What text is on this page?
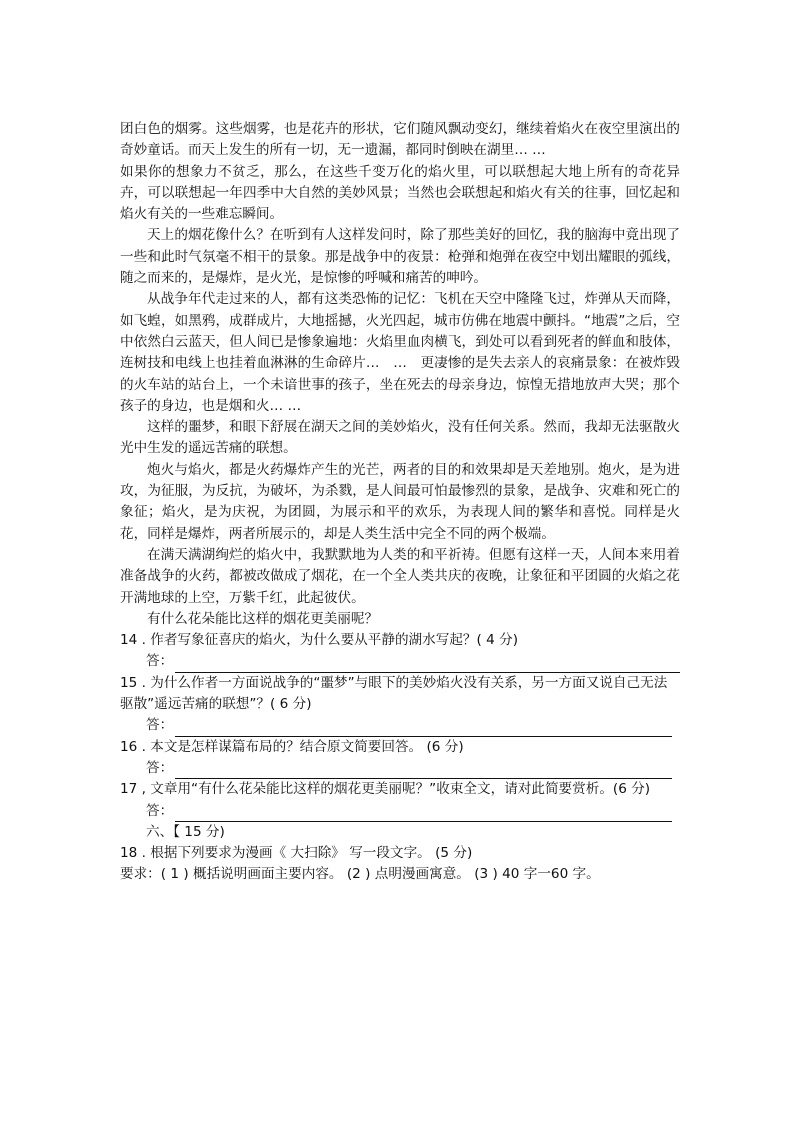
团白色的烟雾。这些烟雾，也是花卉的形状，它们随风飘动变幻，继续着焰火在夜空里演出的奇妙童话。而天上发生的所有一切，无一遗漏，都同时倒映在湖里… …

如果你的想象力不贫乏，那么，在这些千变万化的焰火里，可以联想起大地上所有的奇花异卉，可以联想起一年四季中大自然的美妙风景；当然也会联想起和焰火有关的往事，回忆起和焰火有关的一些难忘瞬间。

天上的烟花像什么？在听到有人这样发问时，除了那些美好的回忆，我的脑海中竟出现了一些和此时气氛毫不相干的景象。那是战争中的夜景：枪弹和炮弹在夜空中划出耀眼的弧线，随之而来的，是爆炸，是火光，是惊惨的呼喊和痛苦的呻吟。

从战争年代走过来的人，都有这类恐怖的记忆：飞机在天空中隆隆飞过，炸弹从天而降，如飞蝗，如黑鸦，成群成片，大地摇撼，火光四起，城市仿佛在地震中颤抖。“地震”之后，空中依然白云蓝天，但人间已是惨象遍地：火焰里血肉横飞，到处可以看到死者的鲜血和肢体，连树技和电线上也挂着血淋淋的生命碎片…　…　更凄惨的是失去亲人的哀痛景象：在被炸毁的火车站的站台上，一个未谙世事的孩子，坐在死去的母亲身边，惊惶无措地放声大哭；那个孩子的身边，也是烟和火… …

这样的噩梦，和眼下舒展在湖天之间的美妙焰火，没有任何关系。然而，我却无法驱散火光中生发的遥远苦痛的联想。

炮火与焰火，都是火药爆炸产生的光芒，两者的目的和效果却是天差地别。炮火，是为进攻，为征服，为反抗，为破坏，为杀戮，是人间最可怕最惨烈的景象，是战争、灾难和死亡的象征；焰火，是为庆祝，为团圆，为展示和平的欢乐，为表现人间的繁华和喜悦。同样是火花，同样是爆炸，两者所展示的，却是人类生活中完全不同的两个极端。

在满天满湖绚烂的焰火中，我默默地为人类的和平祈祷。但愿有这样一天，人间本来用着准备战争的火药，都被改做成了烟花，在一个全人类共庆的夜晚，让象征和平团圆的火焰之花开满地球的上空，万紫千红，此起彼伏。

有什么花朵能比这样的烟花更美丽呢？

14 . 作者写象征喜庆的焰火，为什么要从平静的湖水写起？( 4 分)

答：

15 . 为什么作者一方面说战争的“噩梦”与眼下的美妙焰火没有关系，另一方面又说自己无法驱散”遥远苦痛的联想”？( 6 分)

答：

16 . 本文是怎样谋篇布局的？结合原文简要回答。 (6 分)

答：

17 , 文章用“有什么花朵能比这样的烟花更美丽呢？”收束全文，请对此简要赏析。(6 分)

答：
六、【 15 分)

18 . 根据下列要求为漫画《 大扫除》 写一段文字。 (5 分)

要求：( 1 ) 概括说明画面主要内容。 (2 ) 点明漫画寓意。 (3 ) 40 字一60 字。
